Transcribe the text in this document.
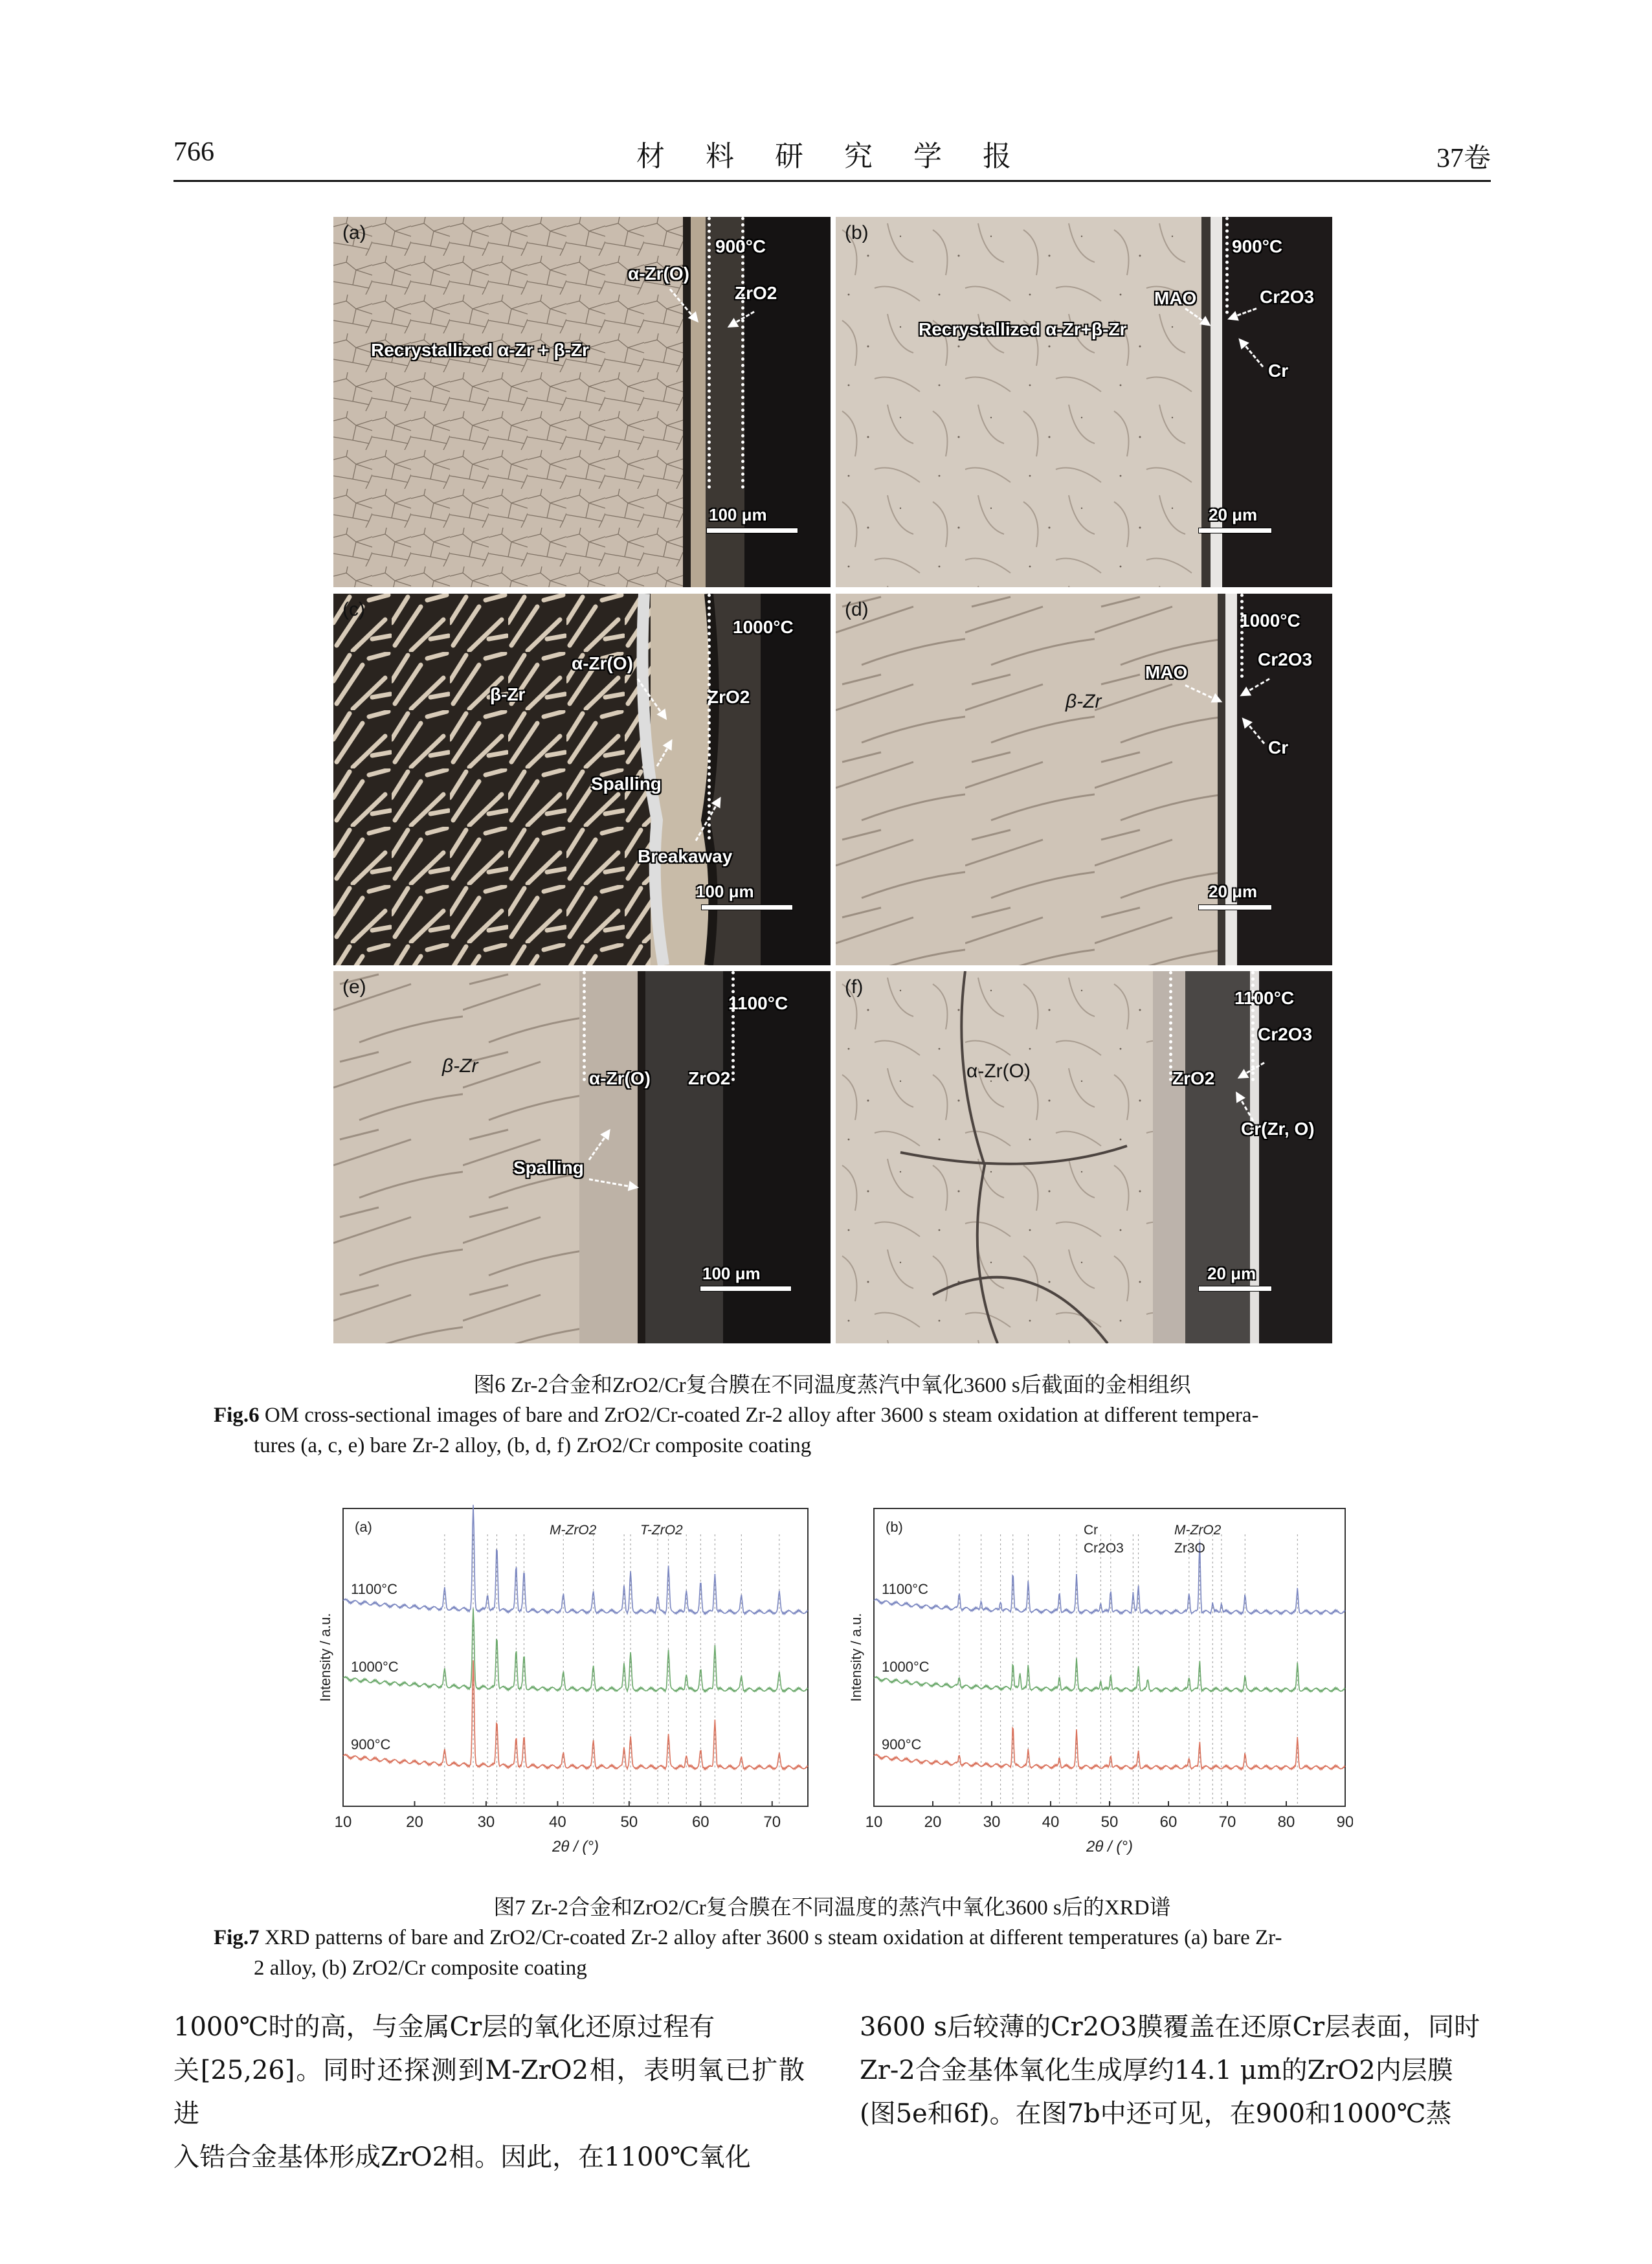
766	材 料 研 究 学 报	37卷
(a)
900°C
α-Zr(O)
ZrO2
Recrystallized α-Zr + β-Zr
100 μm
(b)
900°C
MAO	Cr2O3
Recrystallized α-Zr+β-Zr
Cr
20 μm
(c)
1000°C
α-Zr(O)
β-Zr	ZrO2
Spalling
Breakaway
100 μm
(d)
1000°C
MAO
Cr2O3
β-Zr
Cr
20 μm
(e)
1100°C
β-Zr
α-Zr(O) ZrO2
Spalling
100 μm
(f)
1100°C
Cr2O3
α-Zr(O)	ZrO2
Cr(Zr, O)
20 μm
图6 Zr-2合金和ZrO2/Cr复合膜在不同温度蒸汽中氧化3600 s后截面的金相组织
Fig.6 OM cross-sectional images of bare and ZrO2/Cr-coated Zr-2 alloy after 3600 s steam oxidation at different tempera-
tures (a, c, e) bare Zr-2 alloy, (b, d, f) ZrO2/Cr composite coating
10	20	30	40	50	60	70
2θ / (°)
Intensity / a.u.
(a)
1100°C
1000°C
900°C
M-ZrO2	T-ZrO2
10	20	30	40	50	60	70	80	90
2θ / (°)
Intensity / a.u.
(b)
1100°C
1000°C
900°C
Cr	M-ZrO2
Cr2O3	Zr3O
图7 Zr-2合金和ZrO2/Cr复合膜在不同温度的蒸汽中氧化3600 s后的XRD谱
Fig.7 XRD patterns of bare and ZrO2/Cr-coated Zr-2 alloy after 3600 s steam oxidation at different temperatures (a) bare Zr-
2 alloy, (b) ZrO2/Cr composite coating
1000℃时的高，与金属Cr层的氧化还原过程有
关[25,26]。同时还探测到M-ZrO2相，表明氧已扩散进
入锆合金基体形成ZrO2相。因此，在1100℃氧化
3600 s后较薄的Cr2O3膜覆盖在还原Cr层表面，同时
Zr-2合金基体氧化生成厚约14.1 μm的ZrO2内层膜
(图5e和6f)。在图7b中还可见，在900和1000℃蒸
